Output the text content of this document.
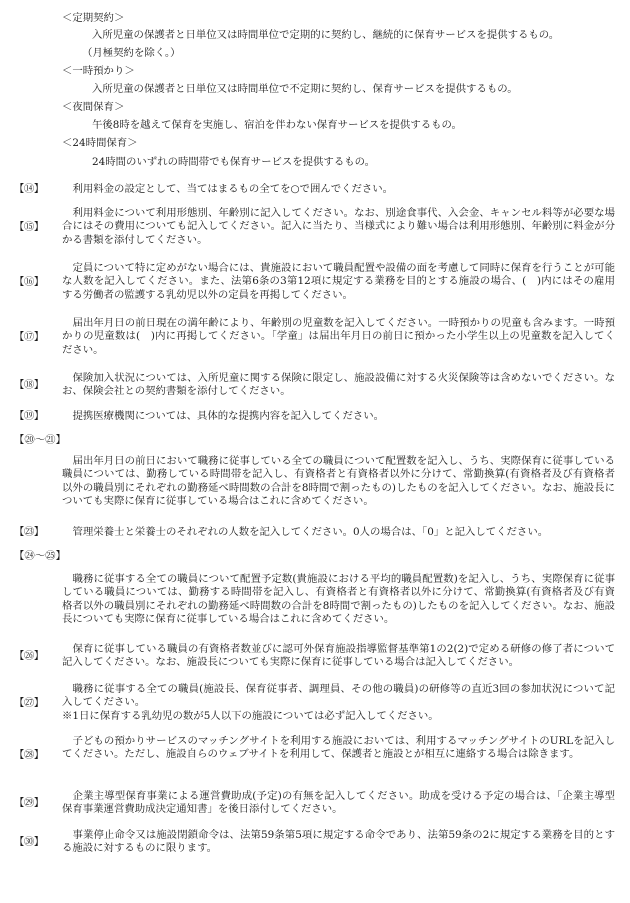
＜定期契約＞
入所児童の保護者と日単位又は時間単位で定期的に契約し、継続的に保育サービスを提供するもの。
（月極契約を除く。）
＜一時預かり＞
入所児童の保護者と日単位又は時間単位で不定期に契約し、保育サービスを提供するもの。
＜夜間保育＞
午後8時を越えて保育を実施し、宿泊を伴わない保育サービスを提供するもの。
＜24時間保育＞
24時間のいずれの時間帯でも保育サービスを提供するもの。
【⑭】	利用料金の設定として、当てはまるもの全てを○で囲んでください。
【⑮】
利用料金について利用形態別、年齢別に記入してください。なお、別途食事代、入会金、キャンセル料等が必要な場合にはその費用についても記入してください。記入に当たり、当様式により難い場合は利用形態別、年齢別に料金が分かる書類を添付してください。
【⑯】
定員について特に定めがない場合には、貴施設において職員配置や設備の面を考慮して同時に保育を行うことが可能な人数を記入してください。また、法第6条の3第12項に規定する業務を目的とする施設の場合、(　)内にはその雇用する労働者の監護する乳幼児以外の定員を再掲してください。
【⑰】
届出年月日の前日現在の満年齢により、年齢別の児童数を記入してください。一時預かりの児童も含みます。一時預かりの児童数は(　)内に再掲してください。「学童」は届出年月日の前日に預かった小学生以上の児童数を記入してください。
【⑱】
保険加入状況については、入所児童に関する保険に限定し、施設設備に対する火災保険等は含めないでください。なお、保険会社との契約書類を添付してください。
【⑲】	提携医療機関については、具体的な提携内容を記入してください。
【⑳～㉑】
届出年月日の前日において職務に従事している全ての職員について配置数を記入し、うち、実際保育に従事している職員については、勤務している時間帯を記入し、有資格者と有資格者以外に分けて、常勤換算(有資格者及び有資格者以外の職員別にそれぞれの勤務延べ時間数の合計を8時間で割ったもの)したものを記入してください。なお、施設長についても実際に保育に従事している場合はこれに含めてください。
【㉓】	管理栄養士と栄養士のそれぞれの人数を記入してください。0人の場合は、「0」と記入してください。
【㉔～㉕】
職務に従事する全ての職員について配置予定数(貴施設における平均的職員配置数)を記入し、うち、実際保育に従事している職員については、勤務する時間帯を記入し、有資格者と有資格者以外に分けて、常勤換算(有資格者及び有資格者以外の職員別にそれぞれの勤務延べ時間数の合計を8時間で割ったもの)したものを記入してください。なお、施設長についても実際に保育に従事している場合はこれに含めてください。
【㉖】
保育に従事している職員の有資格者数並びに認可外保育施設指導監督基準第1の2(2)で定める研修の修了者について記入してください。なお、施設長についても実際に保育に従事している場合は記入してください。
【㉗】

職務に従事する全ての職員(施設長、保育従事者、調理員、その他の職員)の研修等の直近3回の参加状況について記入してください。

※1日に保育する乳幼児の数が5人以下の施設については必ず記入してください。

【㉘】
子どもの預かりサービスのマッチングサイトを利用する施設においては、利用するマッチングサイトのURLを記入してください。ただし、施設自らのウェブサイトを利用して、保護者と施設とが相互に連絡する場合は除きます。
【㉙】
企業主導型保育事業による運営費助成(予定)の有無を記入してください。助成を受ける予定の場合は、「企業主導型保育事業運営費助成決定通知書」を後日添付してください。
【㉚】
事業停止命令又は施設閉鎖命令は、法第59条第5項に規定する命令であり、法第59条の2に規定する業務を目的とする施設に対するものに限ります。
